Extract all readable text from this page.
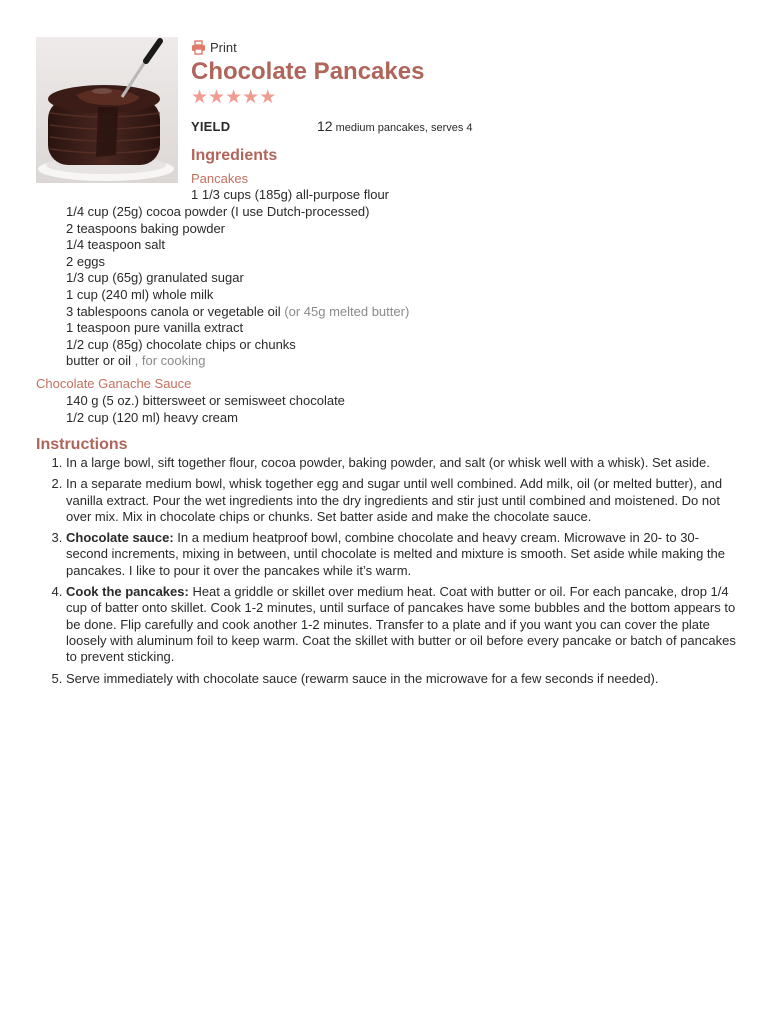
Print
Chocolate Pancakes
★ ★ ★ ★ ★
YIELD	12 medium pancakes, serves 4
Ingredients
Pancakes
1 1/3 cups (185g) all-purpose flour
1/4 cup (25g) cocoa powder (I use Dutch-processed)
2 teaspoons baking powder
1/4 teaspoon salt
2 eggs
1/3 cup (65g) granulated sugar
1 cup (240 ml) whole milk
3 tablespoons canola or vegetable oil (or 45g melted butter)
1 teaspoon pure vanilla extract
1/2 cup (85g) chocolate chips or chunks
butter or oil , for cooking
Chocolate Ganache Sauce
140 g (5 oz.) bittersweet or semisweet chocolate
1/2 cup (120 ml) heavy cream
Instructions
1. In a large bowl, sift together flour, cocoa powder, baking powder, and salt (or whisk well with a whisk). Set aside.
2. In a separate medium bowl, whisk together egg and sugar until well combined. Add milk, oil (or melted butter), and vanilla extract. Pour the wet ingredients into the dry ingredients and stir just until combined and moistened. Do not over mix. Mix in chocolate chips or chunks. Set batter aside and make the chocolate sauce.
3. Chocolate sauce: In a medium heatproof bowl, combine chocolate and heavy cream. Microwave in 20- to 30-second increments, mixing in between, until chocolate is melted and mixture is smooth. Set aside while making the pancakes. I like to pour it over the pancakes while it’s warm.
4. Cook the pancakes: Heat a griddle or skillet over medium heat. Coat with butter or oil. For each pancake, drop 1/4 cup of batter onto skillet. Cook 1-2 minutes, until surface of pancakes have some bubbles and the bottom appears to be done. Flip carefully and cook another 1-2 minutes. Transfer to a plate and if you want you can cover the plate loosely with aluminum foil to keep warm. Coat the skillet with butter or oil before every pancake or batch of pancakes to prevent sticking.
5. Serve immediately with chocolate sauce (rewarm sauce in the microwave for a few seconds if needed).
